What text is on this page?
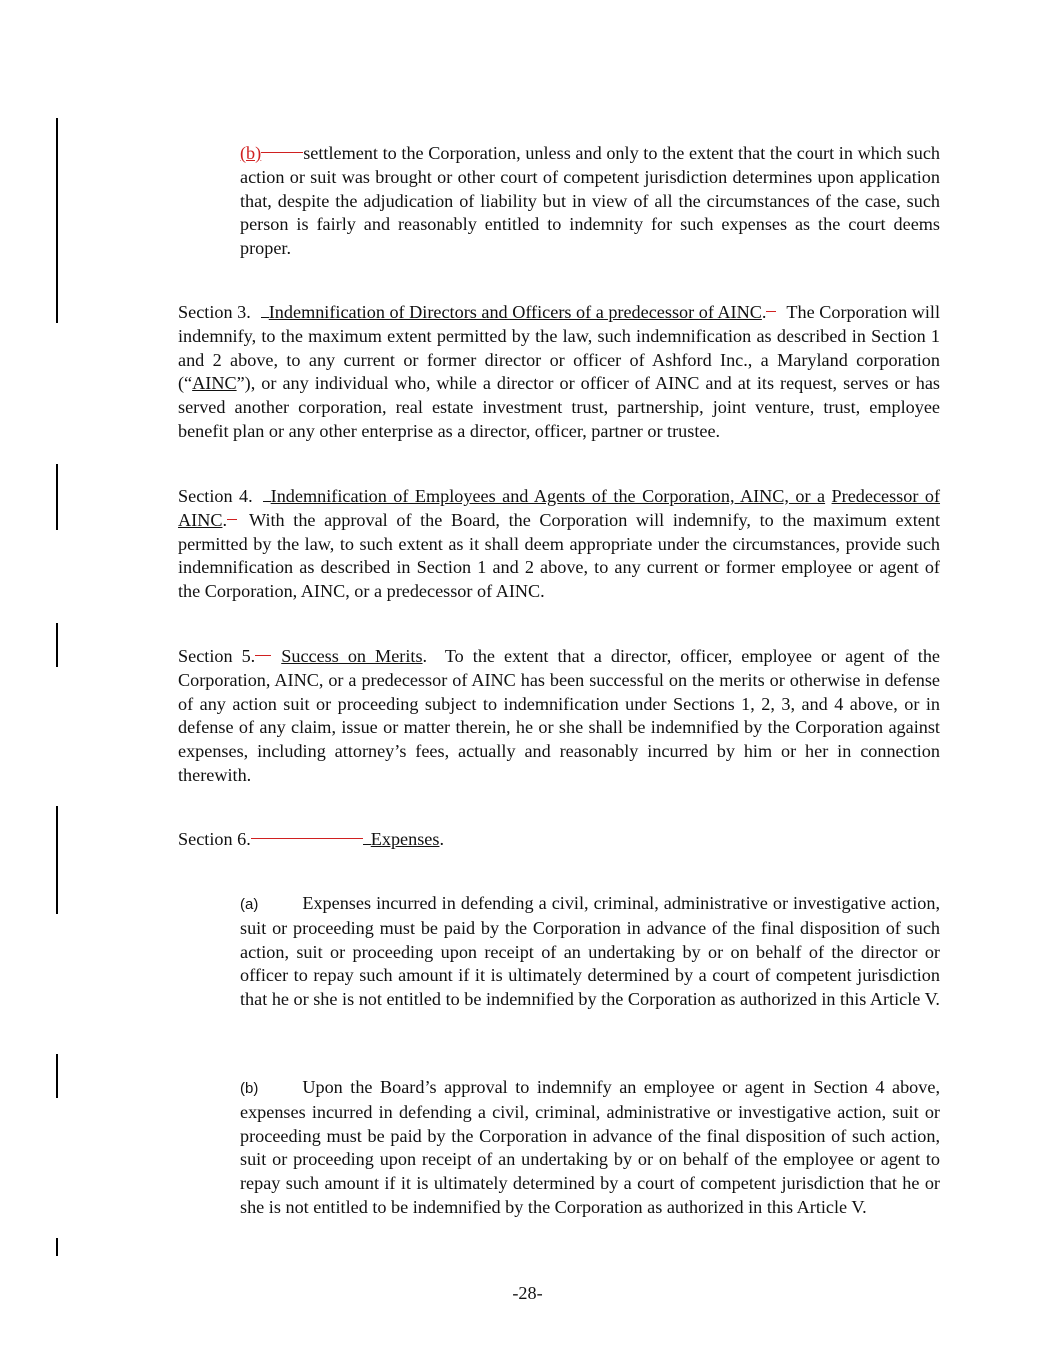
(b) settlement to the Corporation, unless and only to the extent that the court in which such action or suit was brought or other court of competent jurisdiction determines upon application that, despite the adjudication of liability but in view of all the circumstances of the case, such person is fairly and reasonably entitled to indemnity for such expenses as the court deems proper.

Section 3. Indemnification of Directors and Officers of a predecessor of AINC. The Corporation will indemnify, to the maximum extent permitted by the law, such indemnification as described in Section 1 and 2 above, to any current or former director or officer of Ashford Inc., a Maryland corporation (“AINC”), or any individual who, while a director or officer of AINC and at its request, serves or has served another corporation, real estate investment trust, partnership, joint venture, trust, employee benefit plan or any other enterprise as a director, officer, partner or trustee.

Section 4. Indemnification of Employees and Agents of the Corporation, AINC, or a Predecessor of AINC. With the approval of the Board, the Corporation will indemnify, to the maximum extent permitted by the law, to such extent as it shall deem appropriate under the circumstances, provide such indemnification as described in Section 1 and 2 above, to any current or former employee or agent of the Corporation, AINC, or a predecessor of AINC.

Section 5. Success on Merits.  To the extent that a director, officer, employee or agent of the Corporation, AINC, or a predecessor of AINC has been successful on the merits or otherwise in defense of any action suit or proceeding subject to indemnification under Sections 1, 2, 3, and 4 above, or in defense of any claim, issue or matter therein, he or she shall be indemnified by the Corporation against expenses, including attorney’s fees, actually and reasonably incurred by him or her in connection therewith.

Section 6.	Expenses.

(a) Expenses incurred in defending a civil, criminal, administrative or investigative action, suit or proceeding must be paid by the Corporation in advance of the final disposition of such action, suit or proceeding upon receipt of an undertaking by or on behalf of the director or officer to repay such amount if it is ultimately determined by a court of competent jurisdiction that he or she is not entitled to be indemnified by the Corporation as authorized in this Article V.

(b) Upon the Board’s approval to indemnify an employee or agent in Section 4 above, expenses incurred in defending a civil, criminal, administrative or investigative action, suit or proceeding must be paid by the Corporation in advance of the final disposition of such action, suit or proceeding upon receipt of an undertaking by or on behalf of the employee or agent to repay such amount if it is ultimately determined by a court of competent jurisdiction that he or she is not entitled to be indemnified by the Corporation as authorized in this Article V.

-28-
